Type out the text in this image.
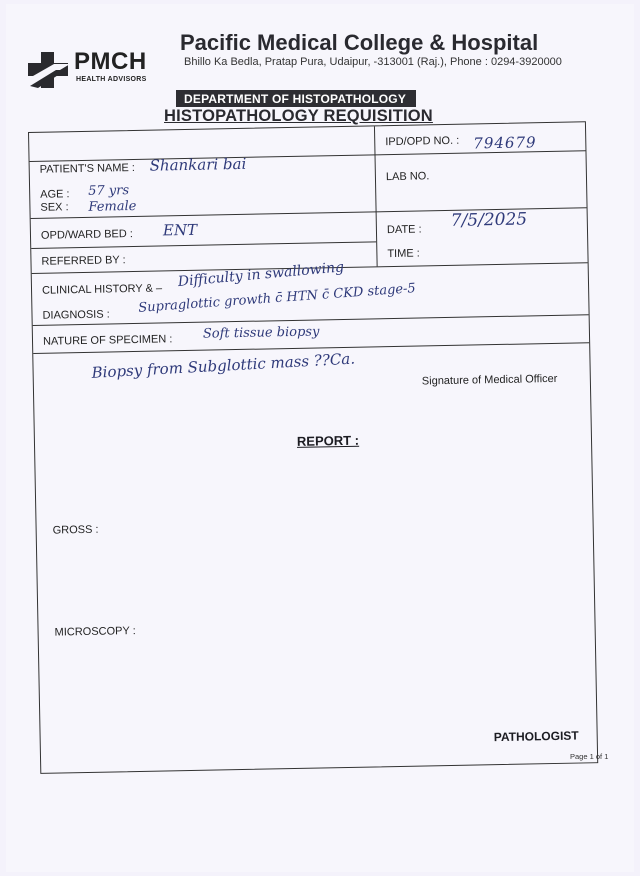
PMCH
HEALTH ADVISORS
Pacific Medical College & Hospital
Bhillo Ka Bedla, Pratap Pura, Udaipur, -313001 (Raj.), Phone : 0294-3920000
DEPARTMENT OF HISTOPATHOLOGY
HISTOPATHOLOGY REQUISITION
PATIENT'S NAME : Shankari bai
IPD/OPD NO. : 794679
AGE :
SEX :
57 yrs
Female
LAB NO.
OPD/WARD BED : ENT	DATE : 7/5/2025
REFERRED BY :
TIME :
CLINICAL HISTORY & – Difficulty in swallowing
DIAGNOSIS : Supraglottic growth c̄ HTN c̄ CKD stage-5
NATURE OF SPECIMEN : Soft tissue biopsy
Biopsy from Subglottic mass ??Ca.	Signature of Medical Officer
REPORT :
GROSS :
MICROSCOPY :
PATHOLOGIST
Page 1 of 1
